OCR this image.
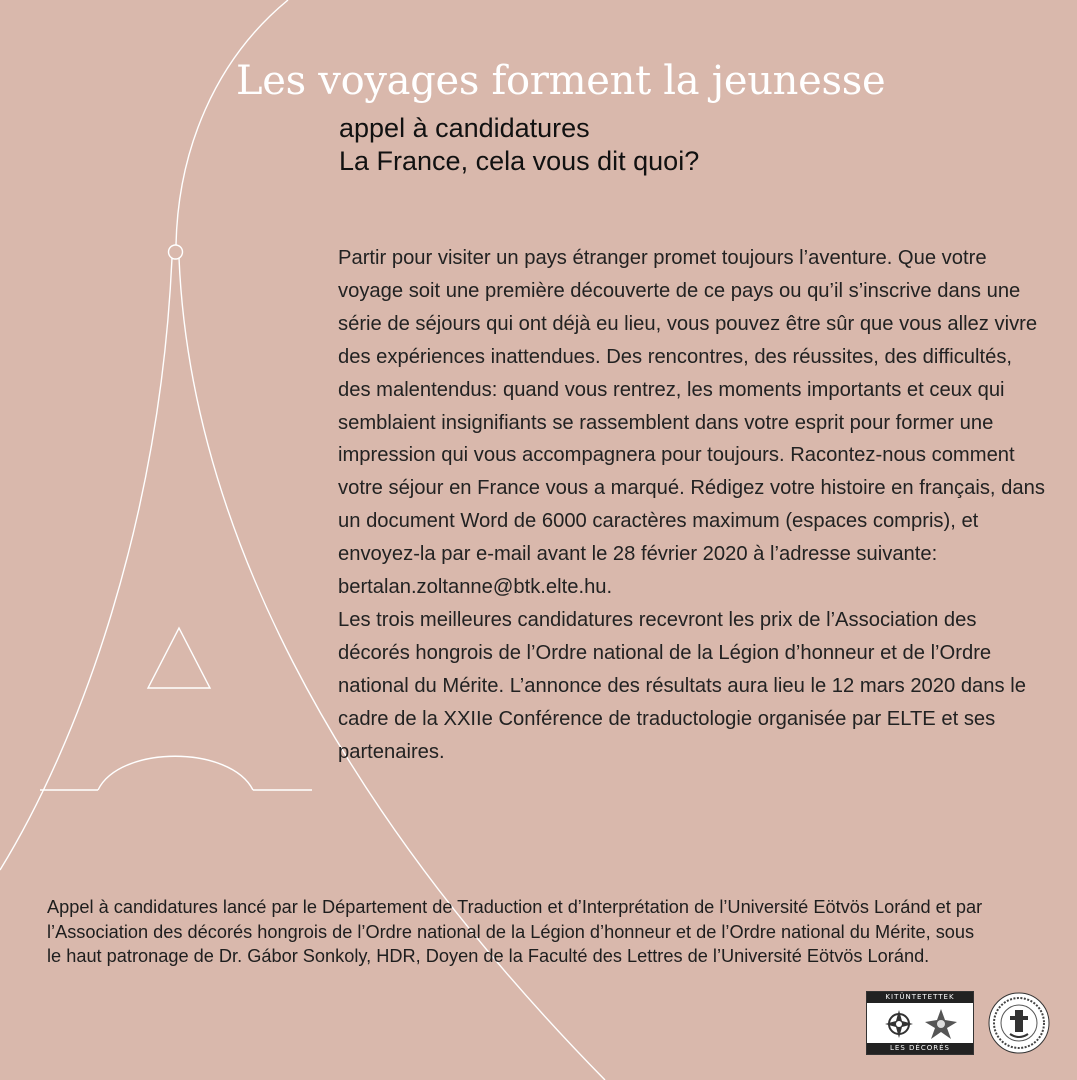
Les voyages forment la jeunesse
appel à candidatures
La France, cela vous dit quoi?

Partir pour visiter un pays étranger promet toujours l’aventure. Que votre voyage soit une première découverte de ce pays ou qu’il s’inscrive dans une série de séjours qui ont déjà eu lieu, vous pouvez être sûr que vous allez vivre des expériences inattendues. Des rencontres, des réussites, des difficultés, des malentendus: quand vous rentrez, les moments importants et ceux qui semblaient insignifiants se rassemblent dans votre esprit pour former une impression qui vous accompagnera pour toujours. Racontez-nous comment votre séjour en France vous a marqué. Rédigez votre histoire en français, dans un document Word de 6000 caractères maximum (espaces compris), et envoyez-la par e-mail avant le 28 février 2020 à l’adresse suivante: bertalan.zoltanne@btk.elte.hu.

Les trois meilleures candidatures recevront les prix de l’Association des décorés hongrois de l’Ordre national de la Légion d’honneur et de l’Ordre national du Mérite. L’annonce des résultats aura lieu le 12 mars 2020 dans le cadre de la XXIIe Conférence de traductologie organisée par ELTE et ses partenaires.

Appel à candidatures lancé par le Département de Traduction et d’Interprétation de l’Université Eötvös Loránd et par l’Association des décorés hongrois de l’Ordre national de la Légion d’honneur et de l’Ordre national du Mérite, sous le haut patronage de Dr. Gábor Sonkoly, HDR, Doyen de la Faculté des Lettres de l’Université Eötvös Loránd.
KITÜNTETETTEK
LES DÉCORÉS
